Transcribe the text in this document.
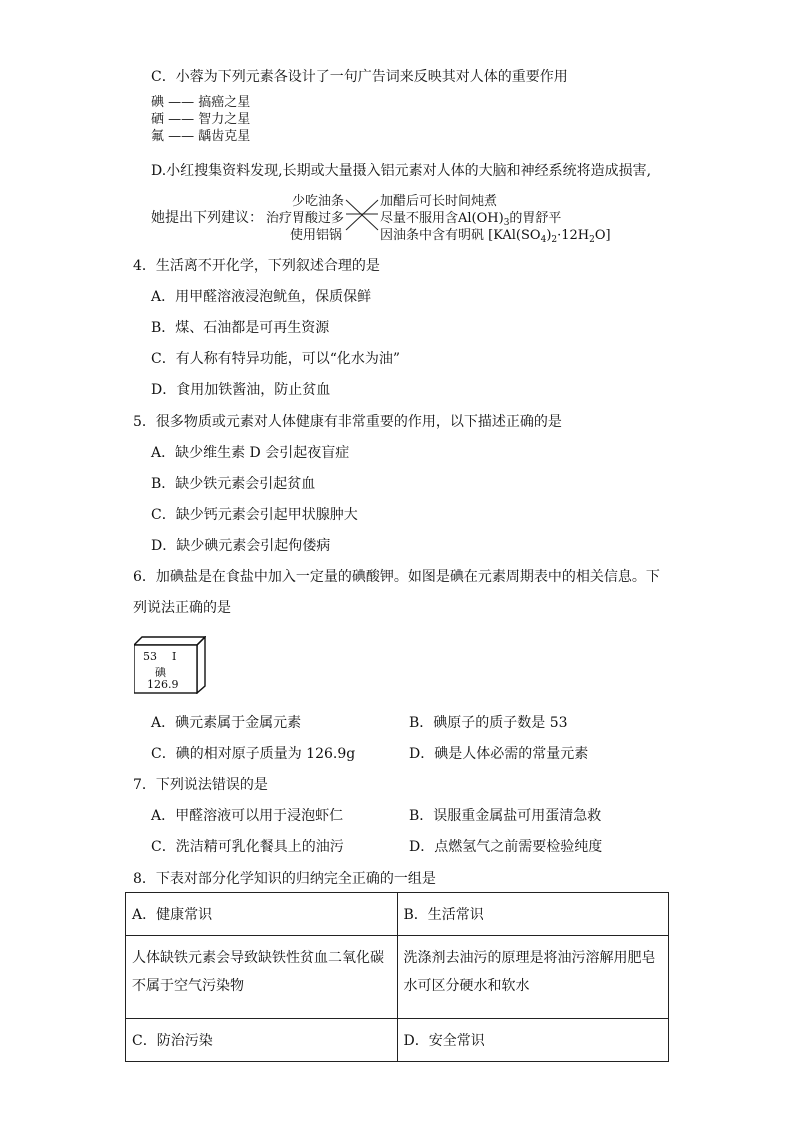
C．小蓉为下列元素各设计了一句广告词来反映其对人体的重要作用
碘 —— 搞癌之星
硒 —— 智力之星
氟 —— 龋齿克星
D.小红搜集资料发现,长期或大量摄入铝元素对人体的大脑和神经系统将造成损害,
她提出下列建议：
少吃油条
治疗胃酸过多
使用铝锅
加醋后可长时间炖煮
尽量不服用含$Al(OH)_3$的胃舒平
因油条中含有明矾 $[KAl(SO_4)_2\cdot 12H_2O]$
4．生活离不开化学，下列叙述合理的是
A．用甲醛溶液浸泡鱿鱼，保质保鲜
B．煤、石油都是可再生资源
C．有人称有特异功能，可以“化水为油”
D．食用加铁酱油，防止贫血
5．很多物质或元素对人体健康有非常重要的作用，以下描述正确的是
A．缺少维生素 D 会引起夜盲症
B．缺少铁元素会引起贫血
C．缺少钙元素会引起甲状腺肿大
D．缺少碘元素会引起佝偻病
6．加碘盐是在食盐中加入一定量的碘酸钾。如图是碘在元素周期表中的相关信息。下
列说法正确的是
53 I
碘
126.9
A．碘元素属于金属元素	B．碘原子的质子数是 53
C．碘的相对原子质量为 126.9g	D．碘是人体必需的常量元素
7．下列说法错误的是
A．甲醛溶液可以用于浸泡虾仁	B．误服重金属盐可用蛋清急救
C．洗洁精可乳化餐具上的油污	D．点燃氢气之前需要检验纯度
8．下表对部分化学知识的归纳完全正确的一组是
A．健康常识	B．生活常识
人体缺铁元素会导致缺铁性贫血二氧化碳不属于空气污染物	洗涤剂去油污的原理是将油污溶解用肥皂水可区分硬水和软水
C．防治污染	D．安全常识
